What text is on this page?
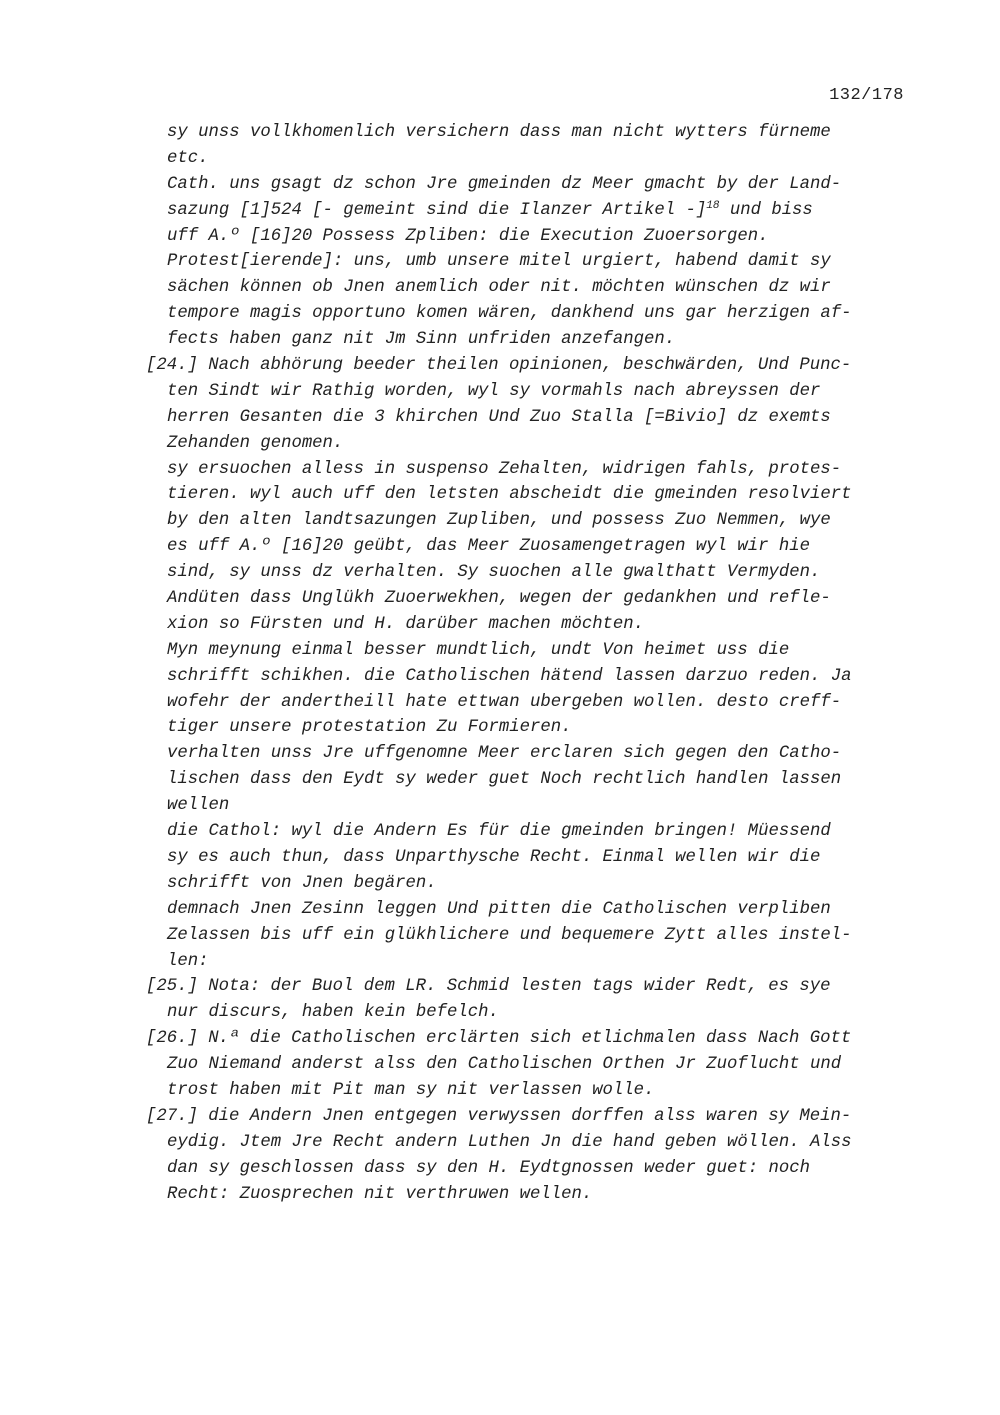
132/178
sy unss vollkhomenlich versichern dass man nicht wytters fürneme
etc.
Cath. uns gsagt dz schon Jre gmeinden dz Meer gmacht by der Land-
sazung [1]524 [- gemeint sind die Ilanzer Artikel -]$^{18}$ und biss
uff A.º [16]20 Possess Zpliben: die Execution Zuoersorgen.
Protest[ierende]: uns, umb unsere mitel urgiert, habend damit sy
sächen können ob Jnen anemlich oder nit. möchten wünschen dz wir
tempore magis opportuno komen wären, dankhend uns gar herzigen af-
fects haben ganz nit Jm Sinn unfriden anzefangen.
[24.] Nach abhörung beeder theilen opinionen, beschwärden, Und Punc-
ten Sindt wir Rathig worden, wyl sy vormahls nach abreyssen der
herren Gesanten die 3 khirchen Und Zuo Stalla [=Bivio] dz exemts
Zehanden genomen.
sy ersuochen alless in suspenso Zehalten, widrigen fahls, protes-
tieren. wyl auch uff den letsten abscheidt die gmeinden resolviert
by den alten landtsazungen Zupliben, und possess Zuo Nemmen, wye
es uff A.º [16]20 geübt, das Meer Zuosamengetragen wyl wir hie
sind, sy unss dz verhalten. Sy suochen alle gwalthatt Vermyden.
Andüten dass Unglükh Zuoerwekhen, wegen der gedankhen und refle-
xion so Fürsten und H. darüber machen möchten.
Myn meynung einmal besser mundtlich, undt Von heimet uss die
schrifft schikhen. die Catholischen hätend lassen darzuo reden. Ja
wofehr der andertheill hate ettwan ubergeben wollen. desto creff-
tiger unsere protestation Zu Formieren.
verhalten unss Jre uffgenomne Meer erclaren sich gegen den Catho-
lischen dass den Eydt sy weder guet Noch rechtlich handlen lassen
wellen
die Cathol: wyl die Andern Es für die gmeinden bringen! Müessend
sy es auch thun, dass Unparthysche Recht. Einmal wellen wir die
schrifft von Jnen begären.
demnach Jnen Zesinn leggen Und pitten die Catholischen verpliben
Zelassen bis uff ein glükhlichere und bequemere Zytt alles instel-
len:
[25.] Nota: der Buol dem LR. Schmid lesten tags wider Redt, es sye
nur discurs, haben kein befelch.
[26.] N.ª die Catholischen erclärten sich etlichmalen dass Nach Gott
Zuo Niemand anderst alss den Catholischen Orthen Jr Zuoflucht und
trost haben mit Pit man sy nit verlassen wolle.
[27.] die Andern Jnen entgegen verwyssen dorffen alss waren sy Mein-
eydig. Jtem Jre Recht andern Luthen Jn die hand geben wöllen. Alss
dan sy geschlossen dass sy den H. Eydtgnossen weder guet: noch
Recht: Zuosprechen nit verthruwen wellen.
